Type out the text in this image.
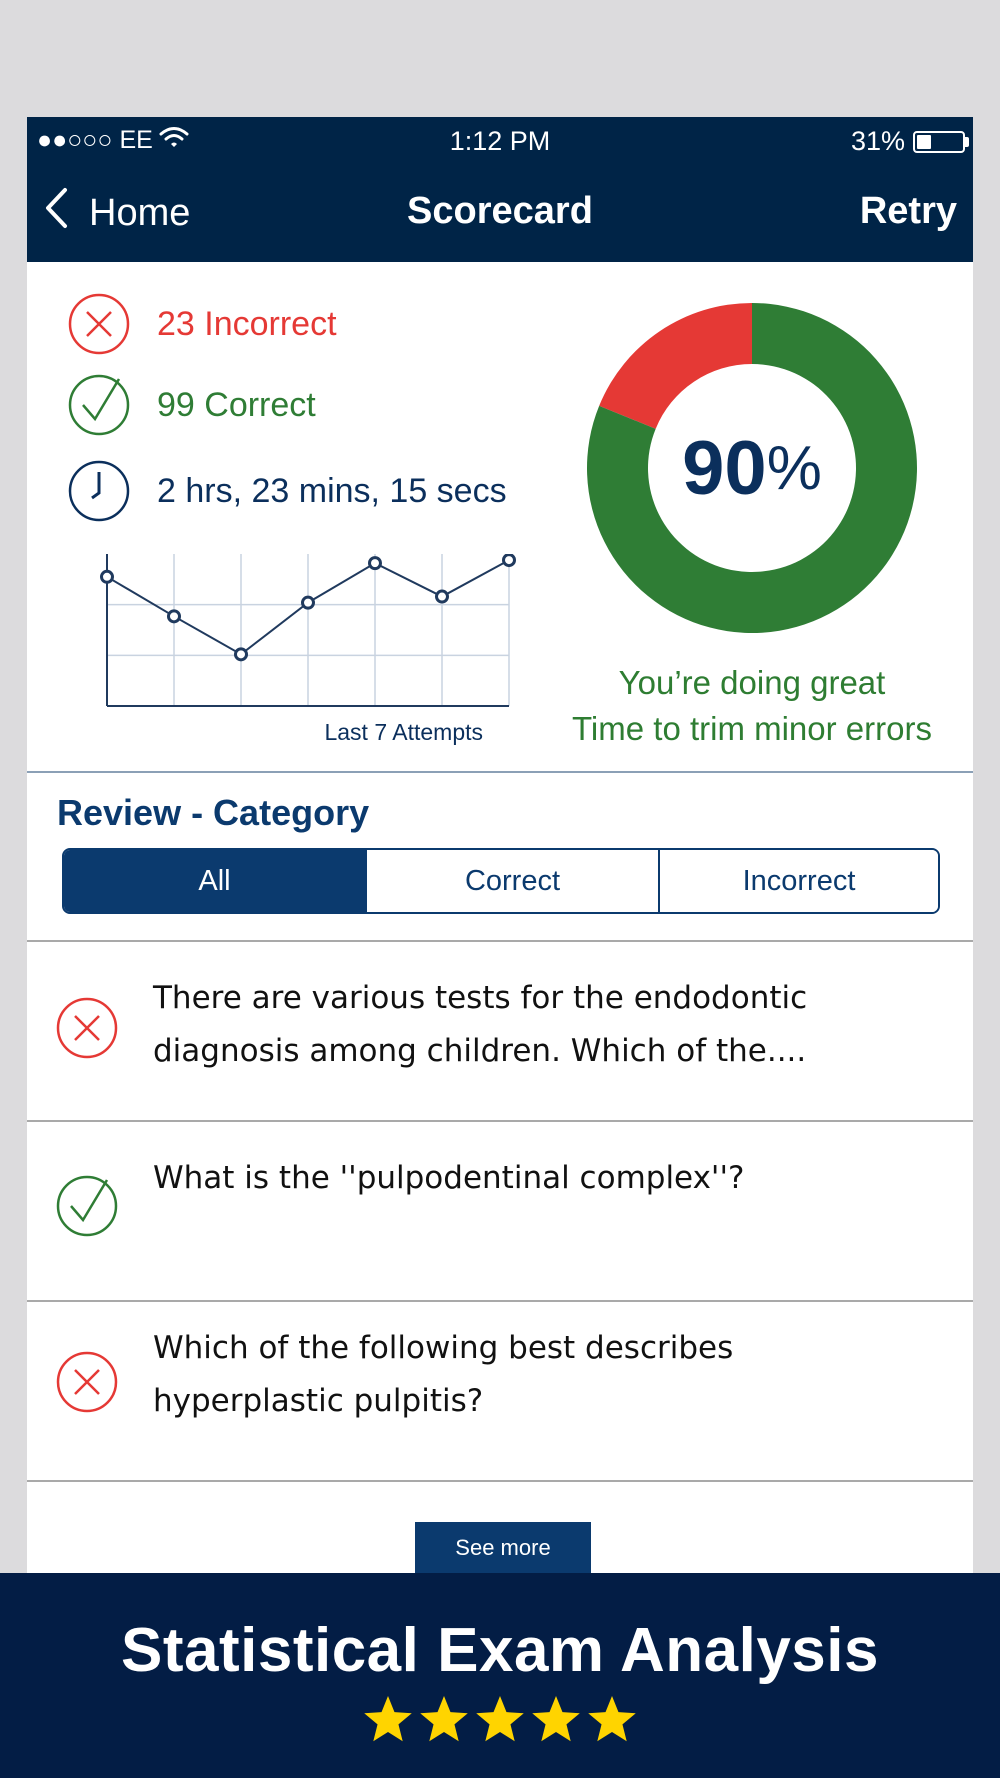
●●○○○ EE	1:12 PM	31%
Home	Scorecard	Retry
23 Incorrect
99 Correct
2 hrs, 23 mins, 15 secs
Last 7 Attempts
90 %
You’re doing great
Time to trim minor errors
Review - Category
All	Correct	Incorrect
There are various tests for the endodontic
diagnosis among children. Which of the....
What is the ''pulpodentinal complex''?
Which of the following best describes
hyperplastic pulpitis?
See more
Statistical Exam Analysis
